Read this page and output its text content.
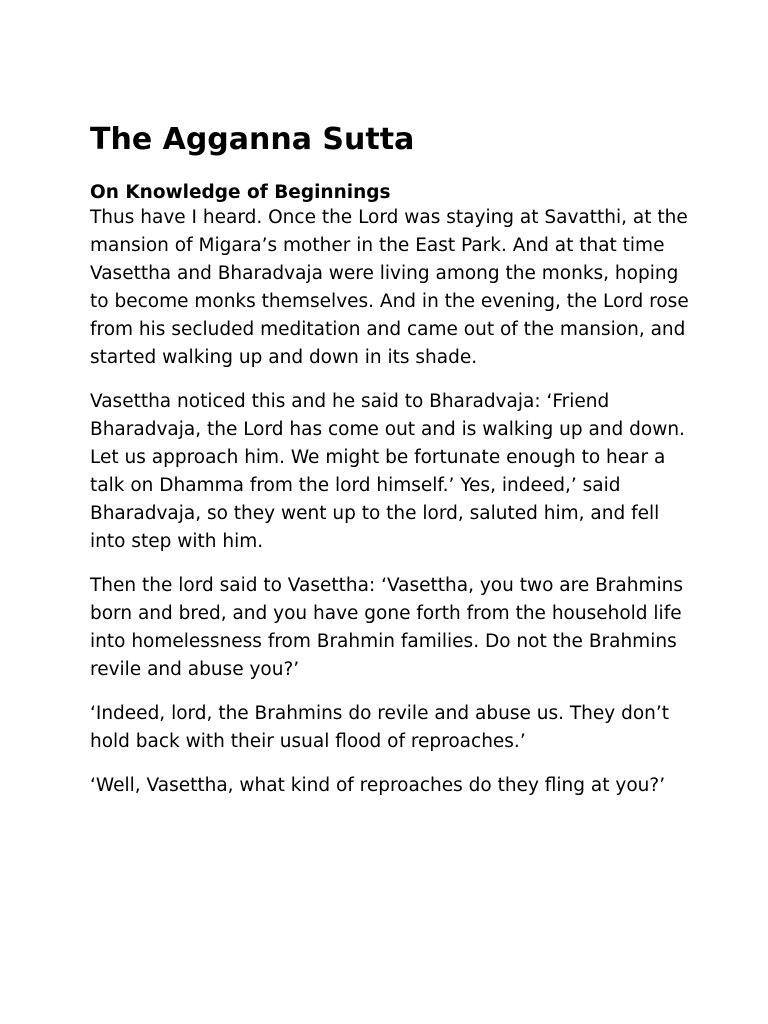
The Agganna Sutta
On Knowledge of Beginnings

Thus have I heard. Once the Lord was staying at Savatthi, at the mansion of Migara’s mother in the East Park. And at that time Vasettha and Bharadvaja were living among the monks, hoping to become monks themselves. And in the evening, the Lord rose from his secluded meditation and came out of the mansion, and started walking up and down in its shade.

Vasettha noticed this and he said to Bharadvaja: ‘Friend Bharadvaja, the Lord has come out and is walking up and down. Let us approach him. We might be fortunate enough to hear a talk on Dhamma from the lord himself.’ Yes, indeed,’ said Bharadvaja, so they went up to the lord, saluted him, and fell into step with him.

Then the lord said to Vasettha: ‘Vasettha, you two are Brahmins born and bred, and you have gone forth from the household life into homelessness from Brahmin families. Do not the Brahmins revile and abuse you?’

‘Indeed, lord, the Brahmins do revile and abuse us. They don’t hold back with their usual flood of reproaches.’

‘Well, Vasettha, what kind of reproaches do they fling at you?’
